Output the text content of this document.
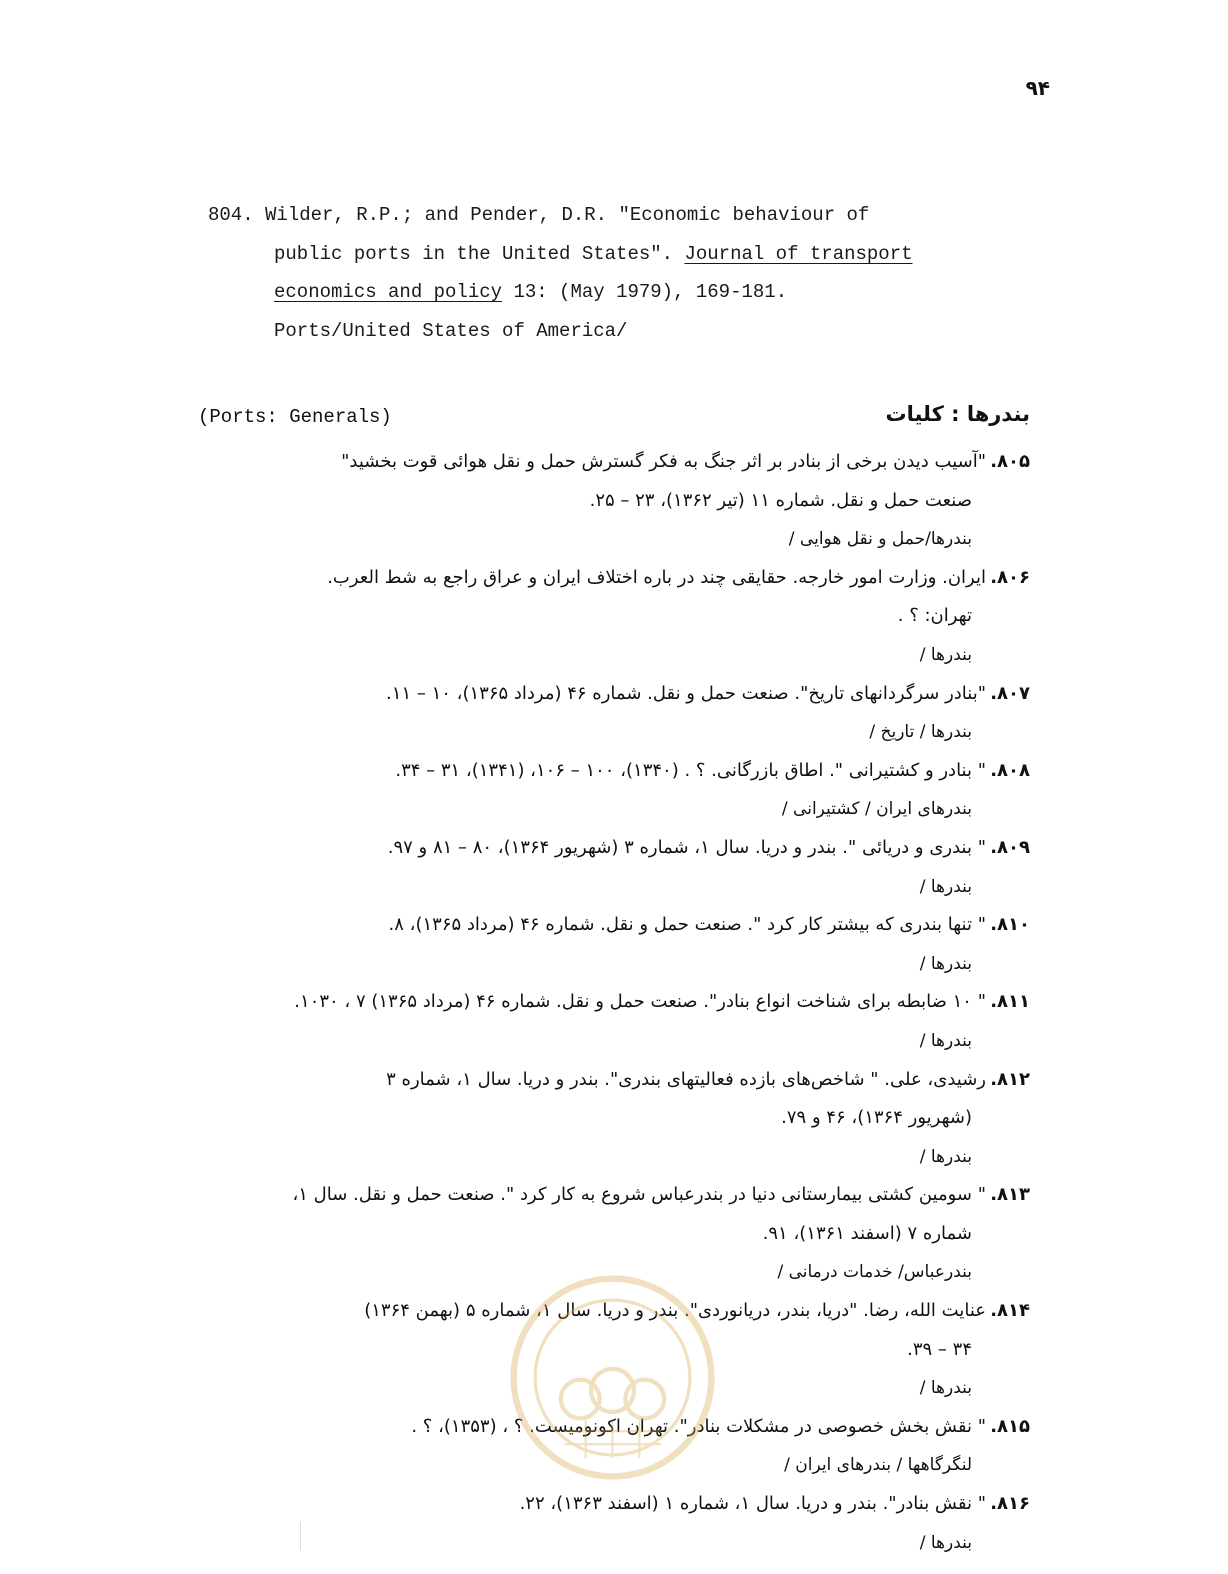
۹۴
804. Wilder, R.P.; and Pender, D.R. "Economic behaviour of
public ports in the United States". Journal of transport
economics and policy 13: (May 1979), 169-181.
Ports/United States of America/
(Ports: Generals)	بندرها : کلیات
۸۰۵."آسیب دیدن برخی از بنادر بر اثر جنگ به فکر گسترش حمل و نقل هوائی قوت بخشید"
صنعت حمل و نقل. شماره ۱۱ (تیر ۱۳۶۲)، ۲۳ – ۲۵.
بندرها/حمل و نقل هوایی /
۸۰۶.ایران. وزارت امور خارجه. حقایقی چند در باره اختلاف ایران و عراق راجع به شط العرب.
تهران: ؟ .
بندرها /
۸۰۷."بنادر سرگردانهای تاریخ". صنعت حمل و نقل. شماره ۴۶ (مرداد ۱۳۶۵)، ۱۰ – ۱۱.
بندرها / تاریخ /
۸۰۸." بنادر و کشتیرانی ". اطاق بازرگانی. ؟ . (۱۳۴۰)، ۱۰۰ – ۱۰۶، (۱۳۴۱)، ۳۱ – ۳۴.
بندرهای ایران / کشتیرانی /
۸۰۹." بندری و دریائی ". بندر و دریا. سال ۱، شماره ۳ (شهریور ۱۳۶۴)، ۸۰ – ۸۱ و ۹۷.
بندرها /
۸۱۰." تنها بندری که بیشتر کار کرد ". صنعت حمل و نقل. شماره ۴۶ (مرداد ۱۳۶۵)، ۸.
بندرها /
۸۱۱." ۱۰ ضابطه برای شناخت انواع بنادر". صنعت حمل و نقل. شماره ۴۶ (مرداد ۱۳۶۵) ۷ ، ۱۰۳۰.
بندرها /
۸۱۲.رشیدی، علی. " شاخص‌های بازده فعالیتهای بندری". بندر و دریا. سال ۱، شماره ۳
(شهریور ۱۳۶۴)، ۴۶ و ۷۹.
بندرها /
۸۱۳." سومین کشتی بیمارستانی دنیا در بندرعباس شروع به کار کرد ". صنعت حمل و نقل. سال ۱،
شماره ۷ (اسفند ۱۳۶۱)، ۹۱.
بندرعباس/ خدمات درمانی /
۸۱۴.عنایت الله، رضا. "دریا، بندر، دریانوردی". بندر و دریا. سال ۱، شماره ۵ (بهمن ۱۳۶۴)
۳۴ – ۳۹.
بندرها /
۸۱۵." نقش بخش خصوصی در مشکلات بنادر". تهران اکونومیست. ؟ ، (۱۳۵۳)، ؟ .
لنگرگاهها / بندرهای ایران /
۸۱۶." نقش بنادر". بندر و دریا. سال ۱، شماره ۱ (اسفند ۱۳۶۳)، ۲۲.
بندرها /
